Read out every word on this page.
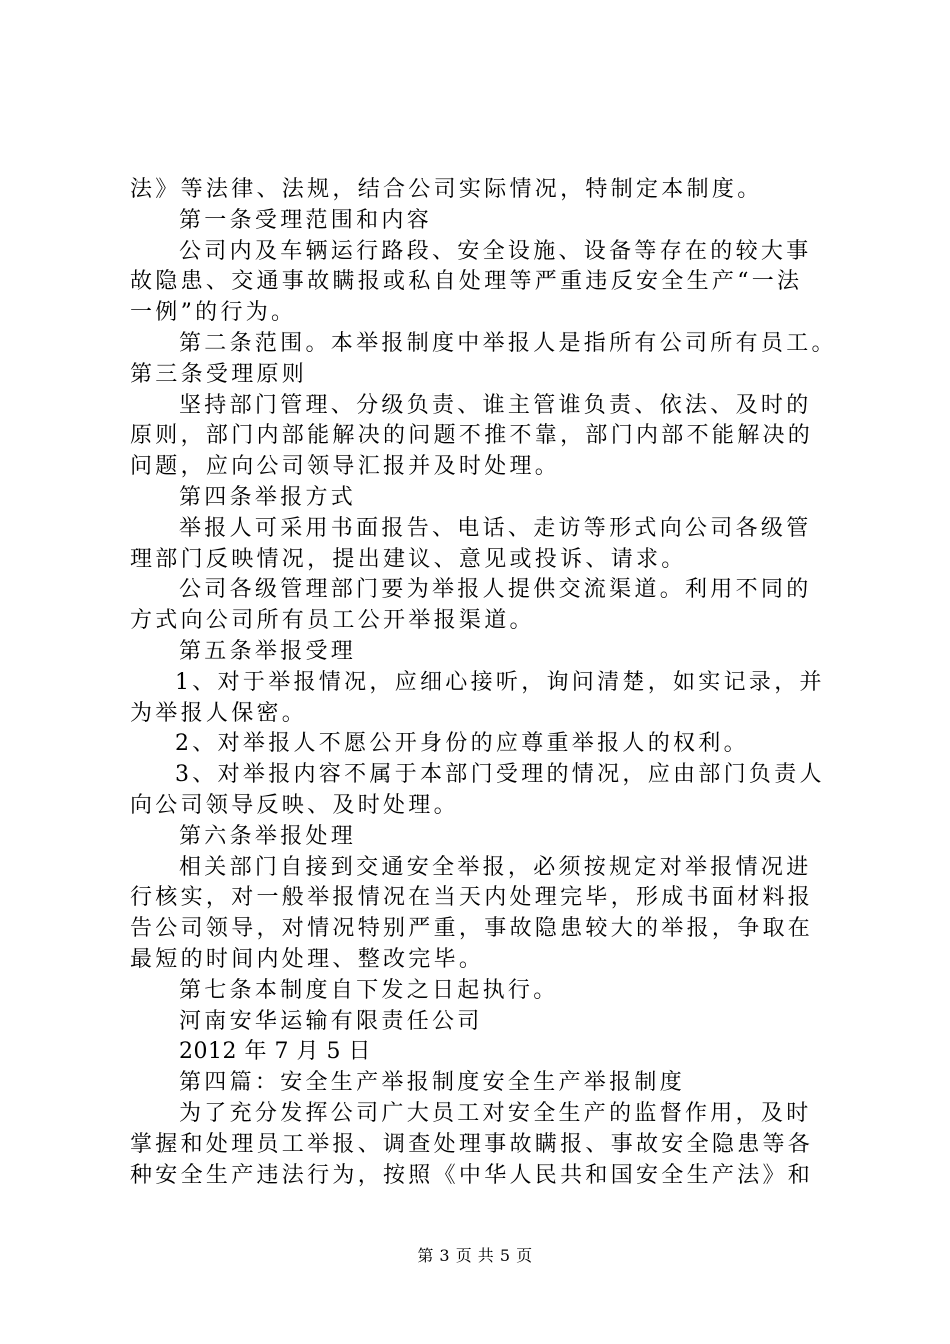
法》等法律、法规，结合公司实际情况，特制定本制度。
第一条受理范围和内容
公司内及车辆运行路段、安全设施、设备等存在的较大事
故隐患、交通事故瞒报或私自处理等严重违反安全生产“一法
一例”的行为。
第二条范围。本举报制度中举报人是指所有公司所有员工。
第三条受理原则
坚持部门管理、分级负责、谁主管谁负责、依法、及时的
原则，部门内部能解决的问题不推不靠，部门内部不能解决的
问题，应向公司领导汇报并及时处理。
第四条举报方式
举报人可采用书面报告、电话、走访等形式向公司各级管
理部门反映情况，提出建议、意见或投诉、请求。
公司各级管理部门要为举报人提供交流渠道。利用不同的
方式向公司所有员工公开举报渠道。
第五条举报受理
1、对于举报情况，应细心接听，询问清楚，如实记录，并
为举报人保密。
2、对举报人不愿公开身份的应尊重举报人的权利。
3、对举报内容不属于本部门受理的情况，应由部门负责人
向公司领导反映、及时处理。
第六条举报处理
相关部门自接到交通安全举报，必须按规定对举报情况进
行核实，对一般举报情况在当天内处理完毕，形成书面材料报
告公司领导，对情况特别严重，事故隐患较大的举报，争取在
最短的时间内处理、整改完毕。
第七条本制度自下发之日起执行。
河南安华运输有限责任公司
2012 年 7 月 5 日
第四篇：安全生产举报制度安全生产举报制度
为了充分发挥公司广大员工对安全生产的监督作用，及时
掌握和处理员工举报、调查处理事故瞒报、事故安全隐患等各
种安全生产违法行为，按照《中华人民共和国安全生产法》和
第 3 页 共 5 页
